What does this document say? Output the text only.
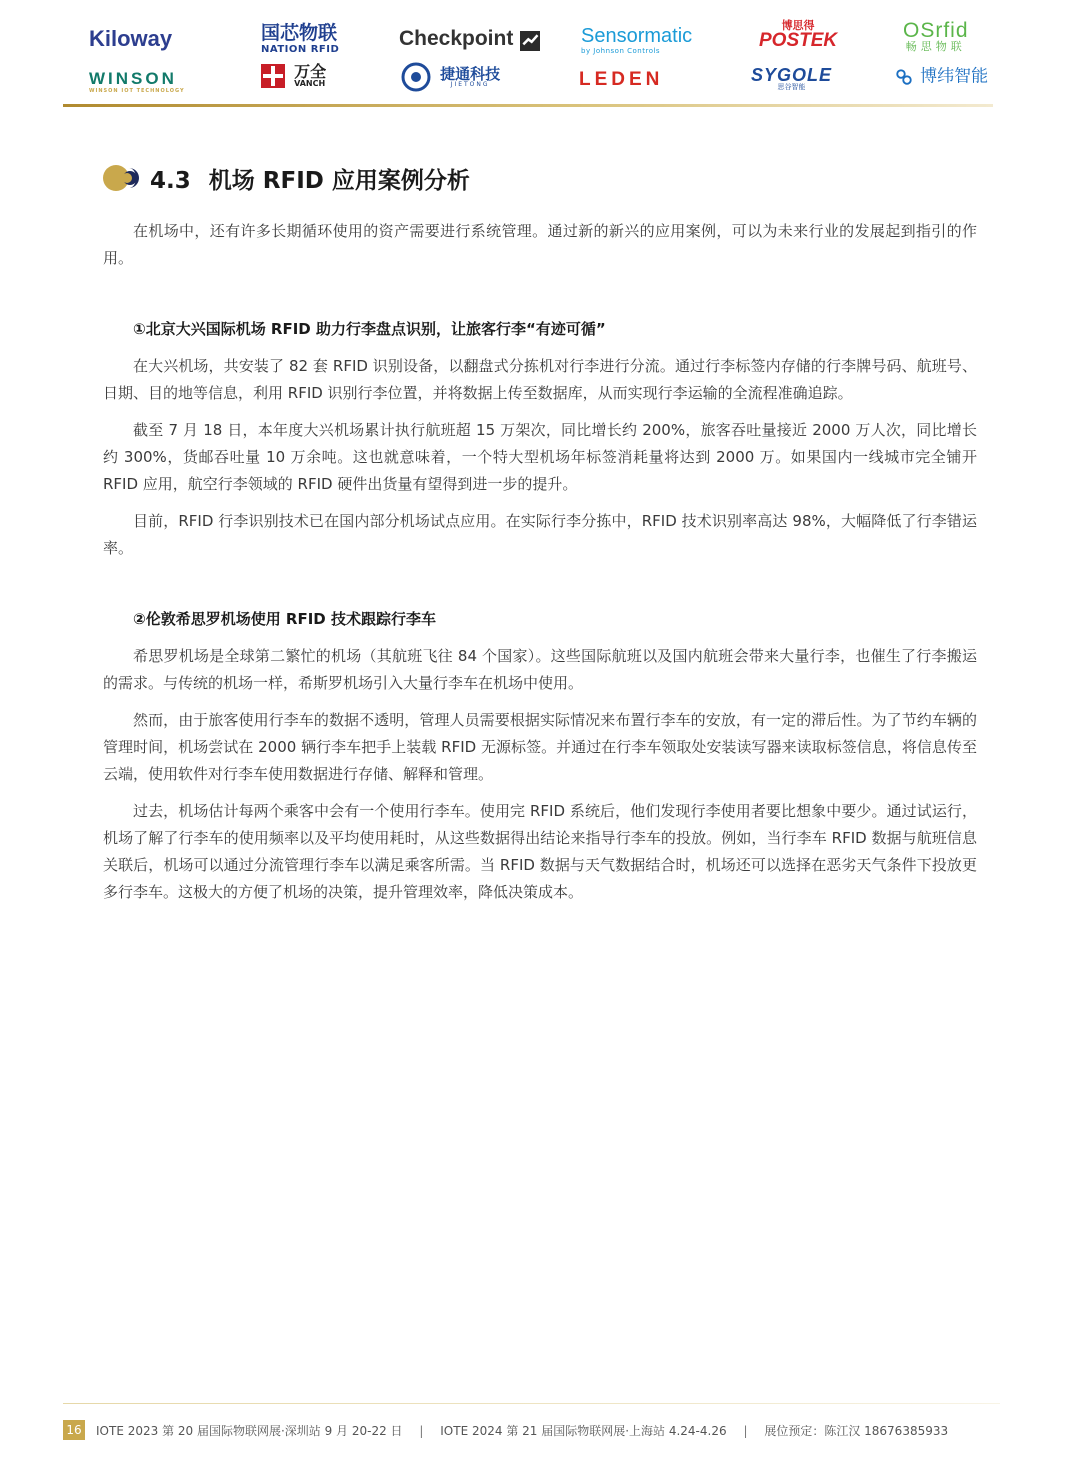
Kiloway	国芯物联
NATION RFID	Checkpoint	Sensormatic
by Johnson Controls
博思得
POSTEK	OSrfid
畅思物联
WINSON
WINSON IOT TECHNOLOGY

万全
VANCH

捷通科技
JIETONG	LEDEN	SYGOLE
思谷智能
博纬智能
4.3 机场 RFID 应用案例分析

在机场中，还有许多长期循环使用的资产需要进行系统管理。通过新的新兴的应用案例，可以为未来行业的发展起到指引的作用。

①北京大兴国际机场 RFID 助力行李盘点识别，让旅客行李“有迹可循”

在大兴机场，共安装了 82 套 RFID 识别设备，以翻盘式分拣机对行李进行分流。通过行李标签内存储的行李牌号码、航班号、日期、目的地等信息，利用 RFID 识别行李位置，并将数据上传至数据库，从而实现行李运输的全流程准确追踪。

截至 7 月 18 日，本年度大兴机场累计执行航班超 15 万架次，同比增长约 200%，旅客吞吐量接近 2000 万人次，同比增长约 300%，货邮吞吐量 10 万余吨。这也就意味着，一个特大型机场年标签消耗量将达到 2000 万。如果国内一线城市完全铺开 RFID 应用，航空行李领域的 RFID 硬件出货量有望得到进一步的提升。

目前，RFID 行李识别技术已在国内部分机场试点应用。在实际行李分拣中，RFID 技术识别率高达 98%，大幅降低了行李错运率。

②伦敦希思罗机场使用 RFID 技术跟踪行李车

希思罗机场是全球第二繁忙的机场（其航班飞往 84 个国家）。这些国际航班以及国内航班会带来大量行李，也催生了行李搬运的需求。与传统的机场一样，希斯罗机场引入大量行李车在机场中使用。

然而，由于旅客使用行李车的数据不透明，管理人员需要根据实际情况来布置行李车的安放，有一定的滞后性。为了节约车辆的管理时间，机场尝试在 2000 辆行李车把手上装载 RFID 无源标签。并通过在行李车领取处安装读写器来读取标签信息，将信息传至云端，使用软件对行李车使用数据进行存储、解释和管理。

过去，机场估计每两个乘客中会有一个使用行李车。使用完 RFID 系统后，他们发现行李使用者要比想象中要少。通过试运行，机场了解了行李车的使用频率以及平均使用耗时，从这些数据得出结论来指导行李车的投放。例如，当行李车 RFID 数据与航班信息关联后，机场可以通过分流管理行李车以满足乘客所需。当 RFID 数据与天气数据结合时，机场还可以选择在恶劣天气条件下投放更多行李车。这极大的方便了机场的决策，提升管理效率，降低决策成本。

16 IOTE 2023 第 20 届国际物联网展·深圳站 9 月 20-22 日 | IOTE 2024 第 21 届国际物联网展·上海站 4.24-4.26 | 展位预定：陈江汉 18676385933
